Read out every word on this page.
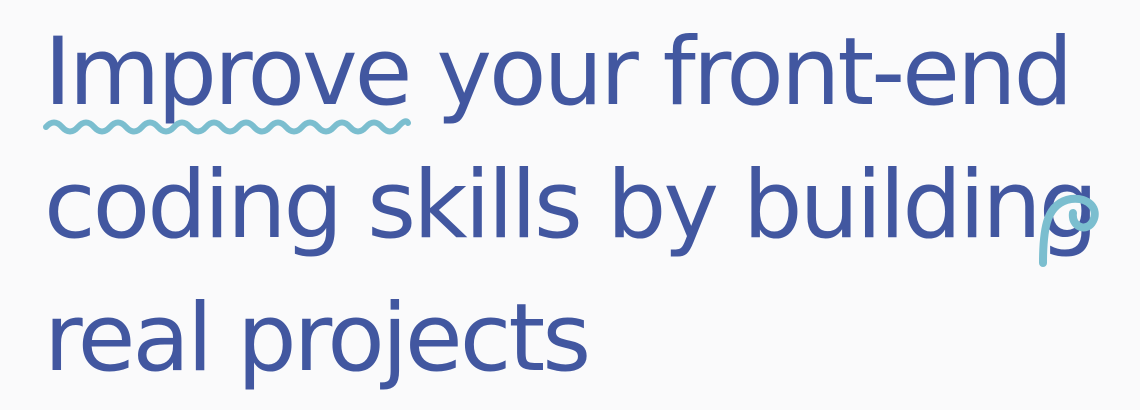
Improve
your front-end
coding skills by building
real projects
